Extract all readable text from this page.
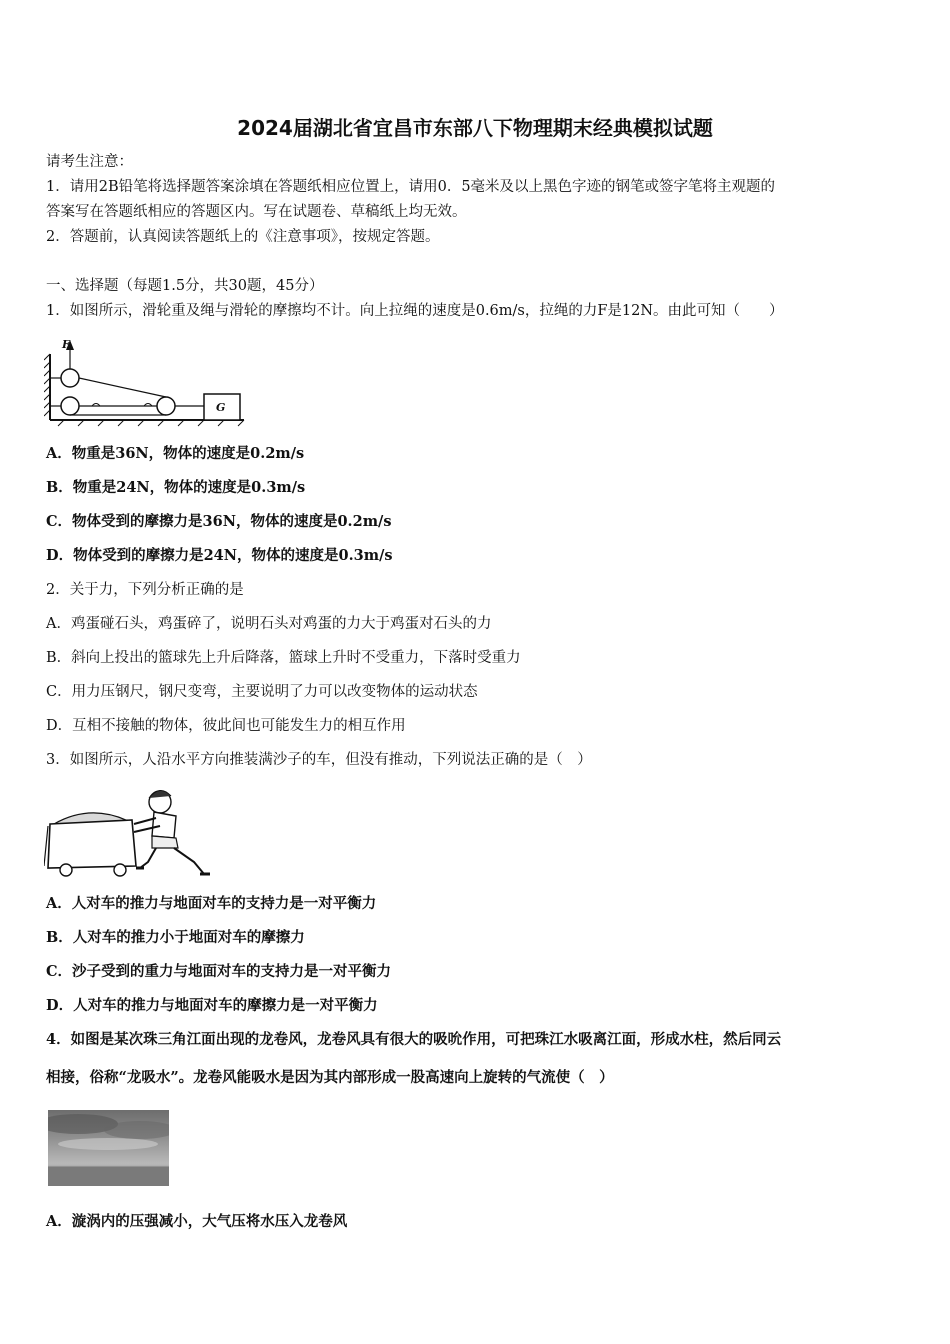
2024届湖北省宜昌市东部八下物理期末经典模拟试题
请考生注意：
1．请用2B铅笔将选择题答案涂填在答题纸相应位置上，请用0．5毫米及以上黑色字迹的钢笔或签字笔将主观题的
答案写在答题纸相应的答题区内。写在试题卷、草稿纸上均无效。
2．答题前，认真阅读答题纸上的《注意事项》，按规定答题。
一、选择题（每题1.5分，共30题，45分）
1．如图所示，滑轮重及绳与滑轮的摩擦均不计。向上拉绳的速度是0.6m/s，拉绳的力F是12N。由此可知（　　）
F
G
A．物重是36N，物体的速度是0.2m/s
B．物重是24N，物体的速度是0.3m/s
C．物体受到的摩擦力是36N，物体的速度是0.2m/s
D．物体受到的摩擦力是24N，物体的速度是0.3m/s
2．关于力，下列分析正确的是
A．鸡蛋碰石头，鸡蛋碎了，说明石头对鸡蛋的力大于鸡蛋对石头的力
B．斜向上投出的篮球先上升后降落，篮球上升时不受重力，下落时受重力
C．用力压钢尺，钢尺变弯，主要说明了力可以改变物体的运动状态
D．互相不接触的物体，彼此间也可能发生力的相互作用
3．如图所示，人沿水平方向推装满沙子的车，但没有推动，下列说法正确的是（　）
A．人对车的推力与地面对车的支持力是一对平衡力
B．人对车的推力小于地面对车的摩擦力
C．沙子受到的重力与地面对车的支持力是一对平衡力
D．人对车的推力与地面对车的摩擦力是一对平衡力
4．如图是某次珠三角江面出现的龙卷风，龙卷风具有很大的吸吮作用，可把珠江水吸离江面，形成水柱，然后同云
相接，俗称“龙吸水”。龙卷风能吸水是因为其内部形成一股高速向上旋转的气流使（　）
A．漩涡内的压强减小，大气压将水压入龙卷风
